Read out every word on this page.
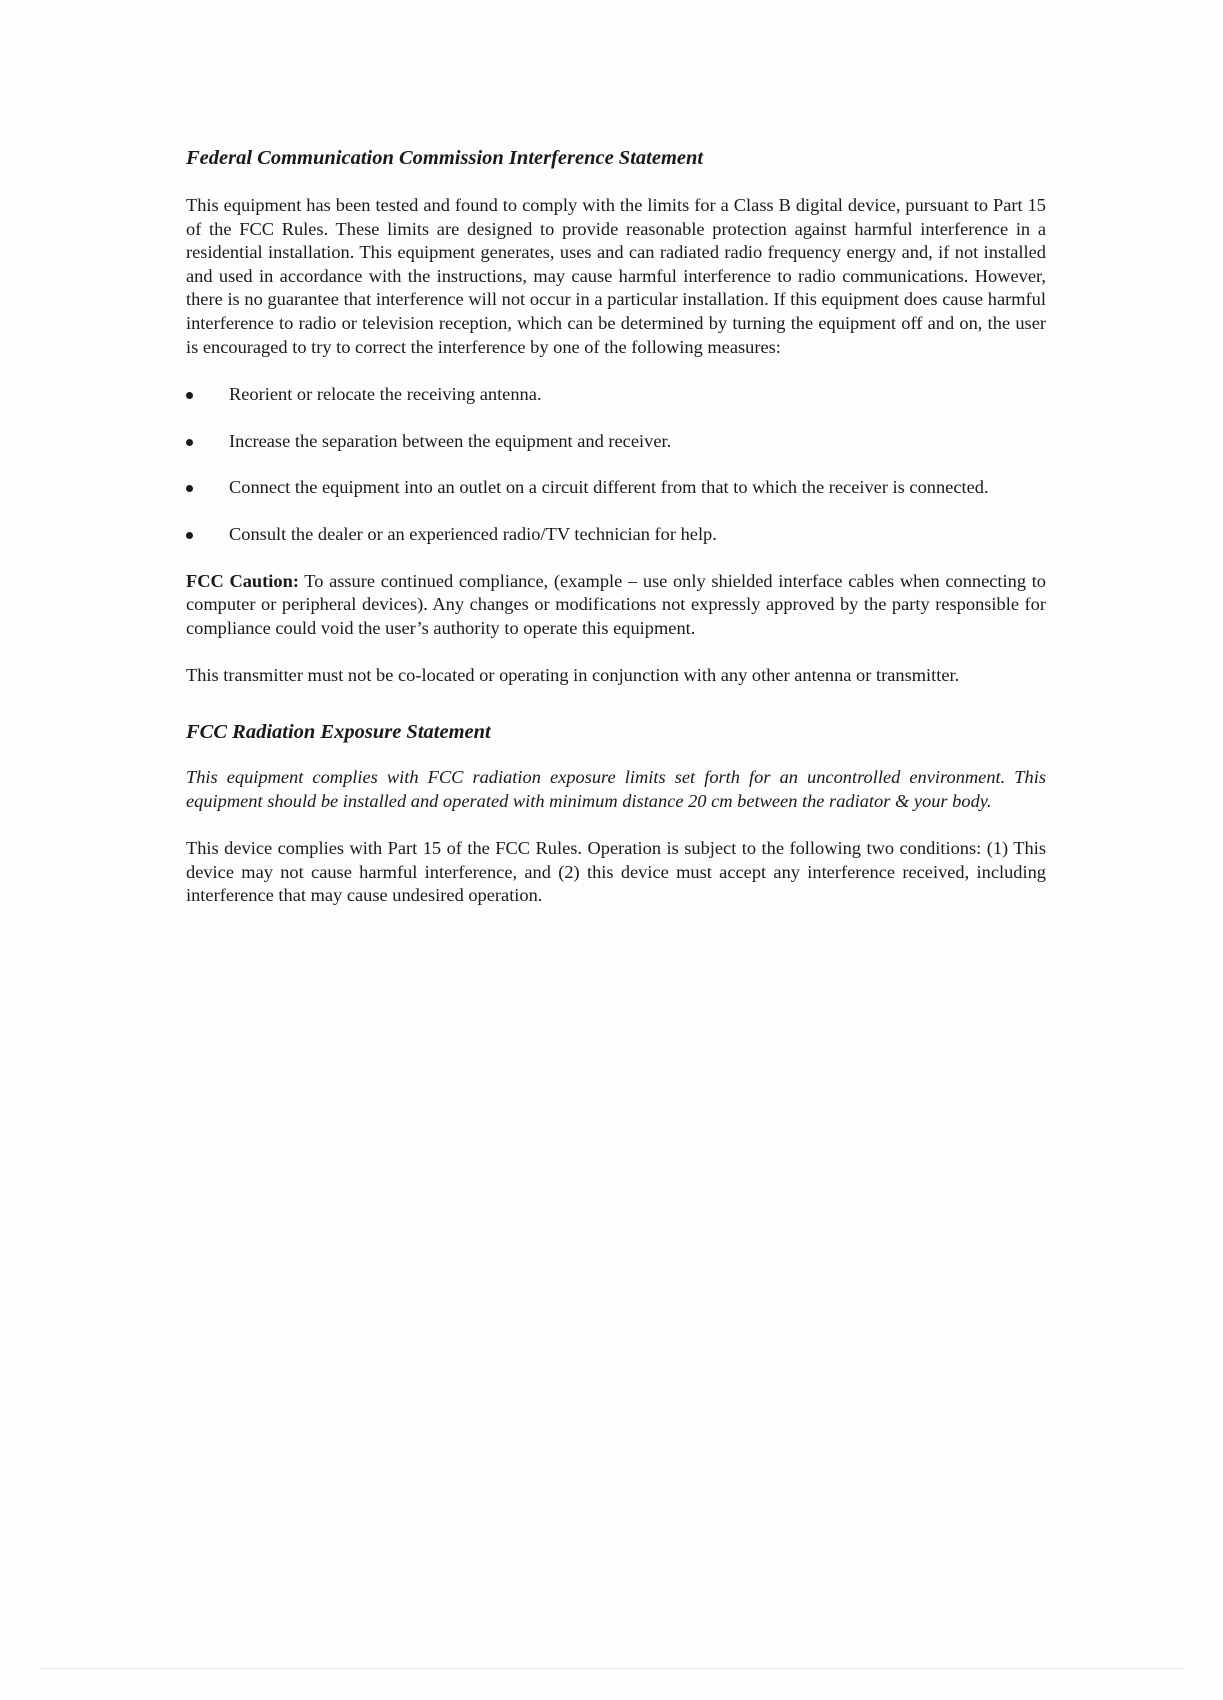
Federal Communication Commission Interference Statement

This equipment has been tested and found to comply with the limits for a Class B digital device, pursuant to Part 15 of the FCC Rules. These limits are designed to provide reasonable protection against harmful interference in a residential installation. This equipment generates, uses and can radiated radio frequency energy and, if not installed and used in accordance with the instructions, may cause harmful interference to radio communications. However, there is no guarantee that interference will not occur in a particular installation. If this equipment does cause harmful interference to radio or television reception, which can be determined by turning the equipment off and on, the user is encouraged to try to correct the interference by one of the following measures:

Reorient or relocate the receiving antenna.
Increase the separation between the equipment and receiver.
Connect the equipment into an outlet on a circuit different from that to which the receiver is connected.
Consult the dealer or an experienced radio/TV technician for help.

FCC Caution: To assure continued compliance, (example – use only shielded interface cables when connecting to computer or peripheral devices). Any changes or modifications not expressly approved by the party responsible for compliance could void the user’s authority to operate this equipment.

This transmitter must not be co-located or operating in conjunction with any other antenna or transmitter.

FCC Radiation Exposure Statement

This equipment complies with FCC radiation exposure limits set forth for an uncontrolled environment. This equipment should be installed and operated with minimum distance 20 cm between the radiator & your body.

This device complies with Part 15 of the FCC Rules. Operation is subject to the following two conditions: (1) This device may not cause harmful interference, and (2) this device must accept any interference received, including interference that may cause undesired operation.
